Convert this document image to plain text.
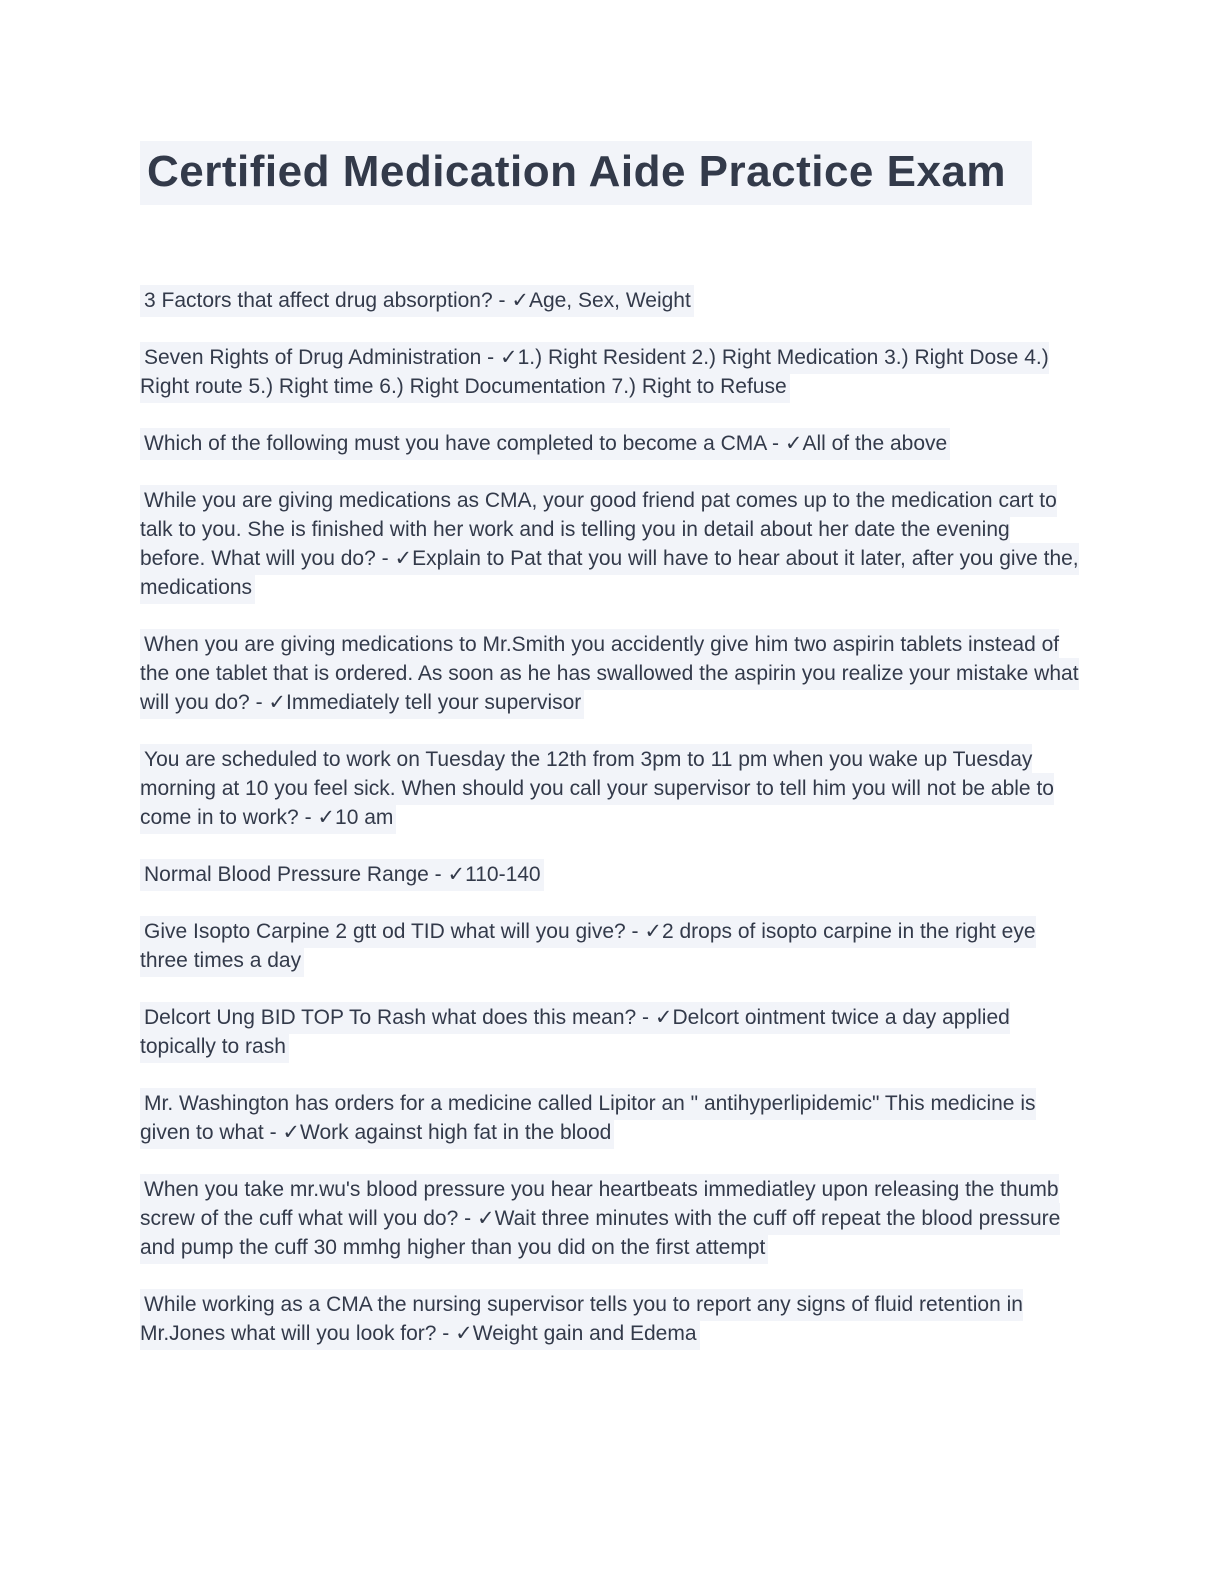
Certified Medication Aide Practice Exam

3 Factors that affect drug absorption? - ✓Age, Sex, Weight

Seven Rights of Drug Administration - ✓1.) Right Resident 2.) Right Medication 3.) Right Dose 4.) Right route 5.) Right time 6.) Right Documentation 7.) Right to Refuse

Which of the following must you have completed to become a CMA - ✓All of the above

While you are giving medications as CMA, your good friend pat comes up to the medication cart to talk to you. She is finished with her work and is telling you in detail about her date the evening before. What will you do? - ✓Explain to Pat that you will have to hear about it later, after you give the, medications

When you are giving medications to Mr.Smith you accidently give him two aspirin tablets instead of the one tablet that is ordered. As soon as he has swallowed the aspirin you realize your mistake what will you do? - ✓Immediately tell your supervisor

You are scheduled to work on Tuesday the 12th from 3pm to 11 pm when you wake up Tuesday morning at 10 you feel sick. When should you call your supervisor to tell him you will not be able to come in to work? - ✓10 am

Normal Blood Pressure Range - ✓110-140

Give Isopto Carpine 2 gtt od TID what will you give? - ✓2 drops of isopto carpine in the right eye three times a day

Delcort Ung BID TOP To Rash what does this mean? - ✓Delcort ointment twice a day applied topically to rash

Mr. Washington has orders for a medicine called Lipitor an " antihyperlipidemic" This medicine is given to what - ✓Work against high fat in the blood

When you take mr.wu's blood pressure you hear heartbeats immediatley upon releasing the thumb screw of the cuff what will you do? - ✓Wait three minutes with the cuff off repeat the blood pressure and pump the cuff 30 mmhg higher than you did on the first attempt

While working as a CMA the nursing supervisor tells you to report any signs of fluid retention in Mr.Jones what will you look for? - ✓Weight gain and Edema
